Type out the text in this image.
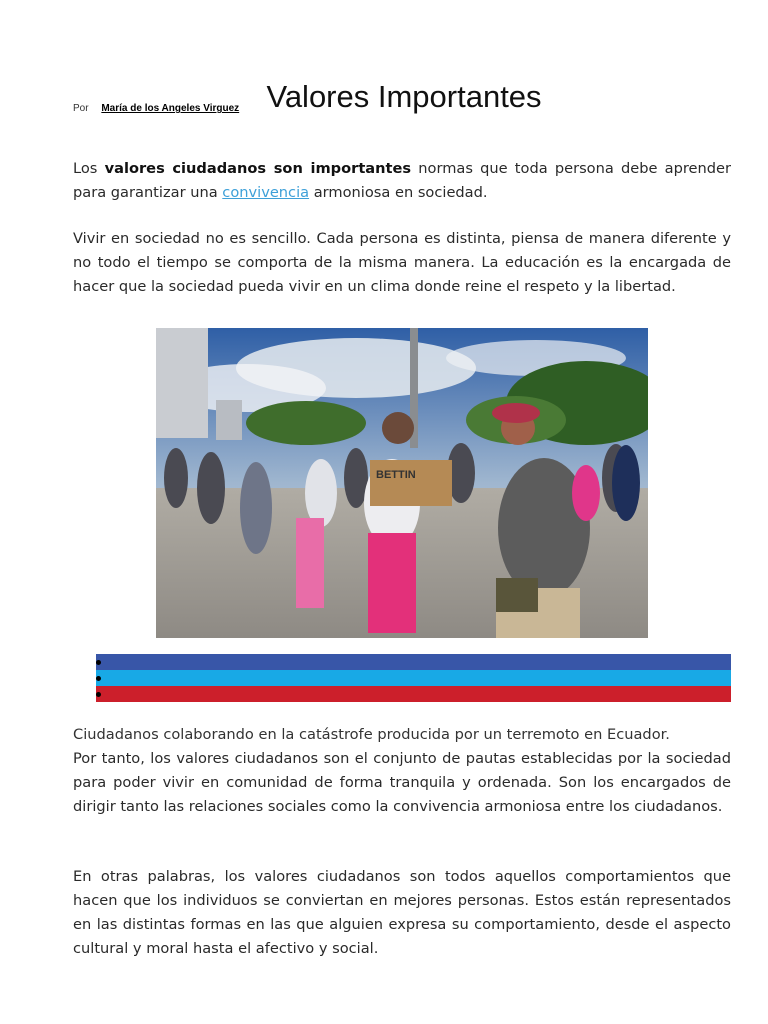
Valores Importantes
Por María de los Angeles Virguez

Los valores ciudadanos son importantes normas que toda persona debe aprender para garantizar una convivencia armoniosa en sociedad.

Vivir en sociedad no es sencillo. Cada persona es distinta, piensa de manera diferente y no todo el tiempo se comporta de la misma manera. La educación es la encargada de hacer que la sociedad pueda vivir en un clima donde reine el respeto y la libertad.

BETTIN
Ciudadanos colaborando en la catástrofe producida por un terremoto en Ecuador.

Por tanto, los valores ciudadanos son el conjunto de pautas establecidas por la sociedad para poder vivir en comunidad de forma tranquila y ordenada. Son los encargados de dirigir tanto las relaciones sociales como la convivencia armoniosa entre los ciudadanos.

En otras palabras, los valores ciudadanos son todos aquellos comportamientos que hacen que los individuos se conviertan en mejores personas. Estos están representados en las distintas formas en las que alguien expresa su comportamiento, desde el aspecto cultural y moral hasta el afectivo y social.
